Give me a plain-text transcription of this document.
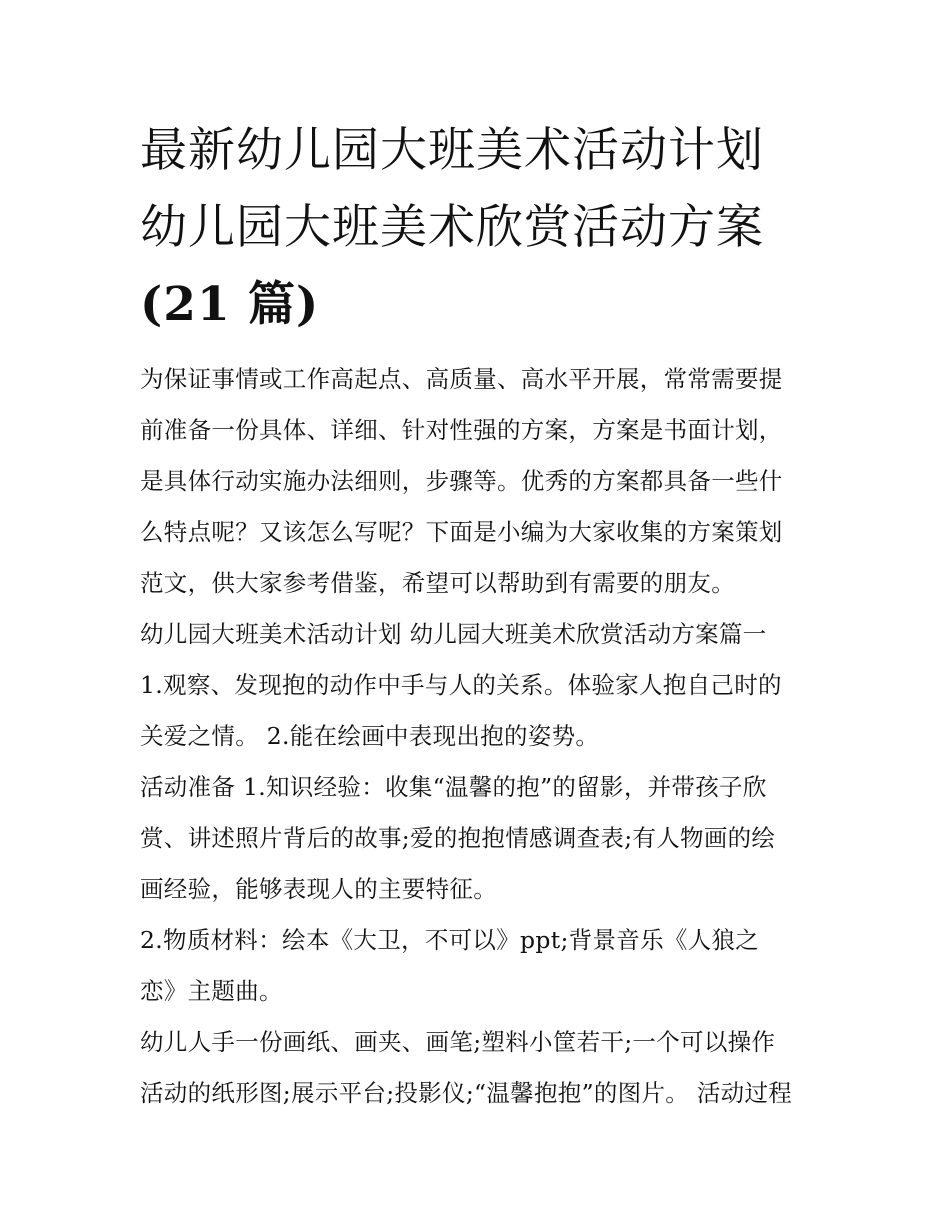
最新幼儿园大班美术活动计划
幼儿园大班美术欣赏活动方案
(21 篇)
为保证事情或工作高起点、高质量、高水平开展，常常需要提
前准备一份具体、详细、针对性强的方案，方案是书面计划，
是具体行动实施办法细则，步骤等。优秀的方案都具备一些什
么特点呢？又该怎么写呢？下面是小编为大家收集的方案策划
范文，供大家参考借鉴，希望可以帮助到有需要的朋友。
幼儿园大班美术活动计划 幼儿园大班美术欣赏活动方案篇一
1.观察、发现抱的动作中手与人的关系。体验家人抱自己时的
关爱之情。 2.能在绘画中表现出抱的姿势。
活动准备 1.知识经验：收集“温馨的抱”的留影，并带孩子欣
赏、讲述照片背后的故事;爱的抱抱情感调查表;有人物画的绘
画经验，能够表现人的主要特征。
2.物质材料：绘本《大卫，不可以》ppt;背景音乐《人狼之
恋》主题曲。
幼儿人手一份画纸、画夹、画笔;塑料小筐若干;一个可以操作
活动的纸形图;展示平台;投影仪;“温馨抱抱”的图片。 活动过程
